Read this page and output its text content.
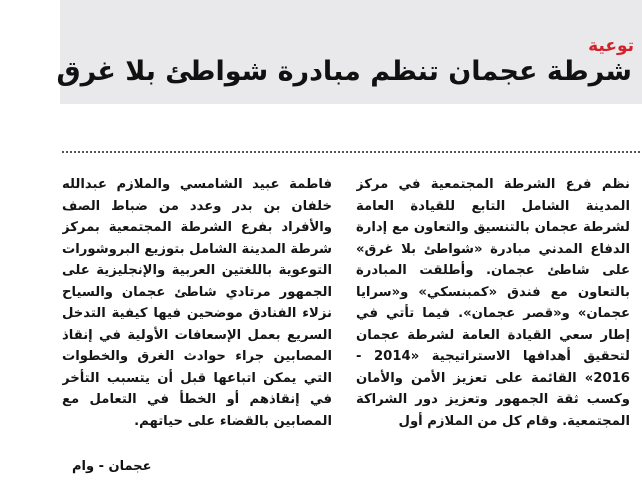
توعية
شرطة عجمان تنظم مبادرة شواطئ بلا غرق

نظم فرع الشرطة المجتمعية في مركز المدينة الشامل التابع للقيادة العامة لشرطة عجمان بالتنسيق والتعاون مع إدارة الدفاع المدني مبادرة «شواطئ بلا غرق» على شاطئ عجمان. وأطلقت المبادرة بالتعاون مع فندق «كمبنسكي» و«سرايا عجمان» و«قصر عجمان». فيما تأتي في إطار سعي القيادة العامة لشرطة عجمان لتحقيق أهدافها الاستراتيجية «2014 - 2016» القائمة على تعزيز الأمن والأمان وكسب ثقة الجمهور وتعزيز دور الشراكة المجتمعية. وقام كل من الملازم أول

فاطمة عبيد الشامسي والملازم عبدالله خلفان بن بدر وعدد من ضباط الصف والأفراد بفرع الشرطة المجتمعية بمركز شرطة المدينة الشامل بتوزيع البروشورات التوعوية باللغتين العربية والإنجليزية على الجمهور مرتادي شاطئ عجمان والسياح نزلاء الفنادق موضحين فيها كيفية التدخل السريع بعمل الإسعافات الأولية في إنقاذ المصابين جراء حوادث الغرق والخطوات التي يمكن اتباعها قبل أن يتسبب التأخر في إنقاذهم أو الخطأ في التعامل مع المصابين بالقضاء على حياتهم.

عجمان - وام
